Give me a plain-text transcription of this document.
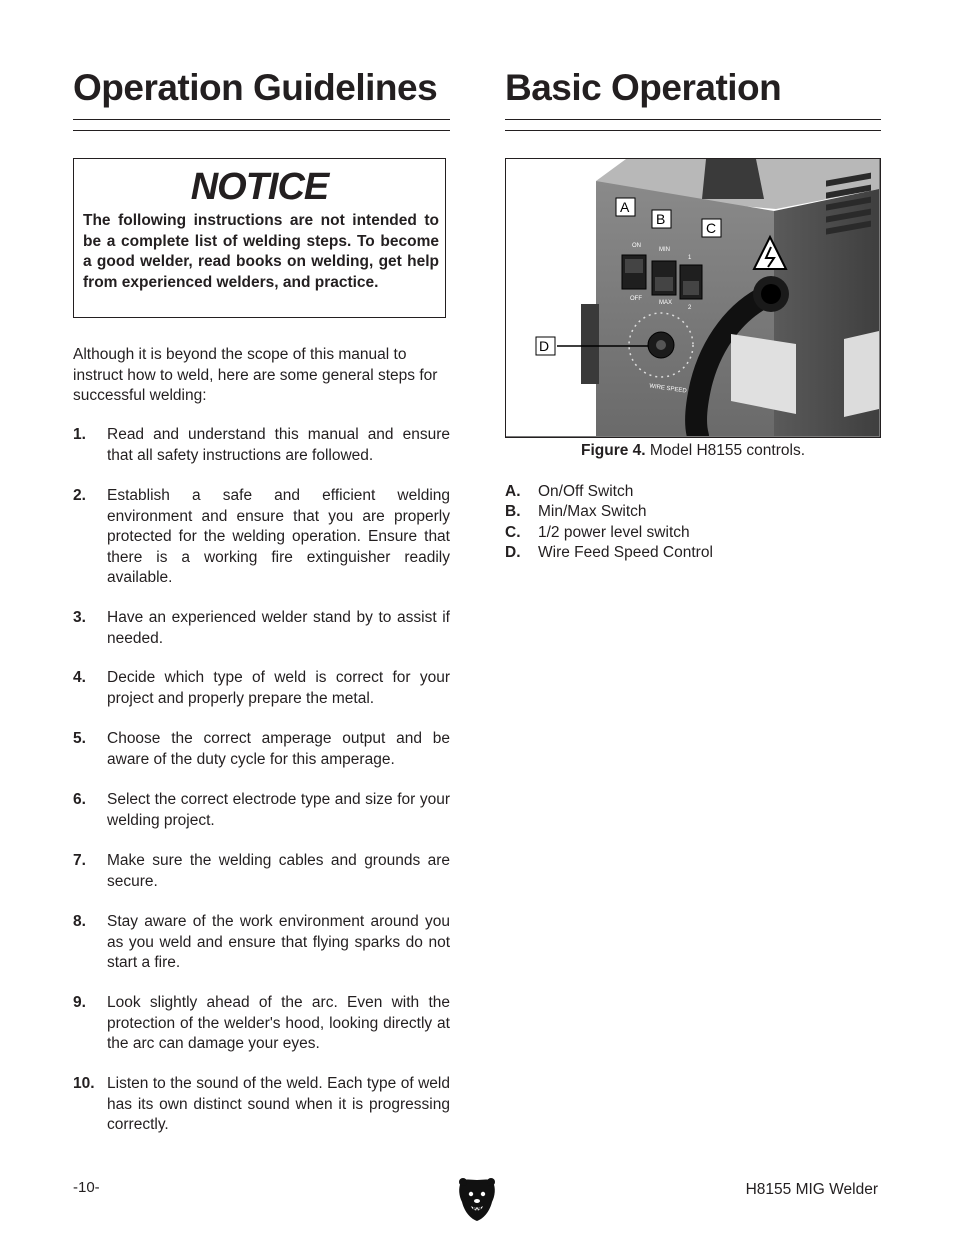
Operation Guidelines
NOTICE
The following instructions are not intended to be a complete list of welding steps. To become a good welder, read books on welding, get help from experienced welders, and practice.
Although it is beyond the scope of this manual to instruct how to weld, here are some general steps for successful welding:
1. Read and understand this manual and ensure that all safety instructions are followed.
2. Establish a safe and efficient welding environment and ensure that you are properly protected for the welding operation. Ensure that there is a working fire extinguisher readily available.
3. Have an experienced welder stand by to assist if needed.
4. Decide which type of weld is correct for your project and properly prepare the metal.
5. Choose the correct amperage output and be aware of the duty cycle for this amperage.
6. Select the correct electrode type and size for your welding project.
7. Make sure the welding cables and grounds are secure.
8. Stay aware of the work environment around you as you weld and ensure that flying sparks do not start a fire.
9. Look slightly ahead of the arc. Even with the protection of the welder's hood, looking directly at the arc can damage your eyes.
10. Listen to the sound of the weld. Each type of weld has its own distinct sound when it is progressing correctly.
Basic Operation
ON
OFF
MIN
MAX
1
2
WIRE SPEED
A
B
C
D
Figure 4. Model H8155 controls.
A. On/Off Switch
B. Min/Max Switch
C. 1/2 power level switch
D. Wire Feed Speed Control
-10-	H8155 MIG Welder
